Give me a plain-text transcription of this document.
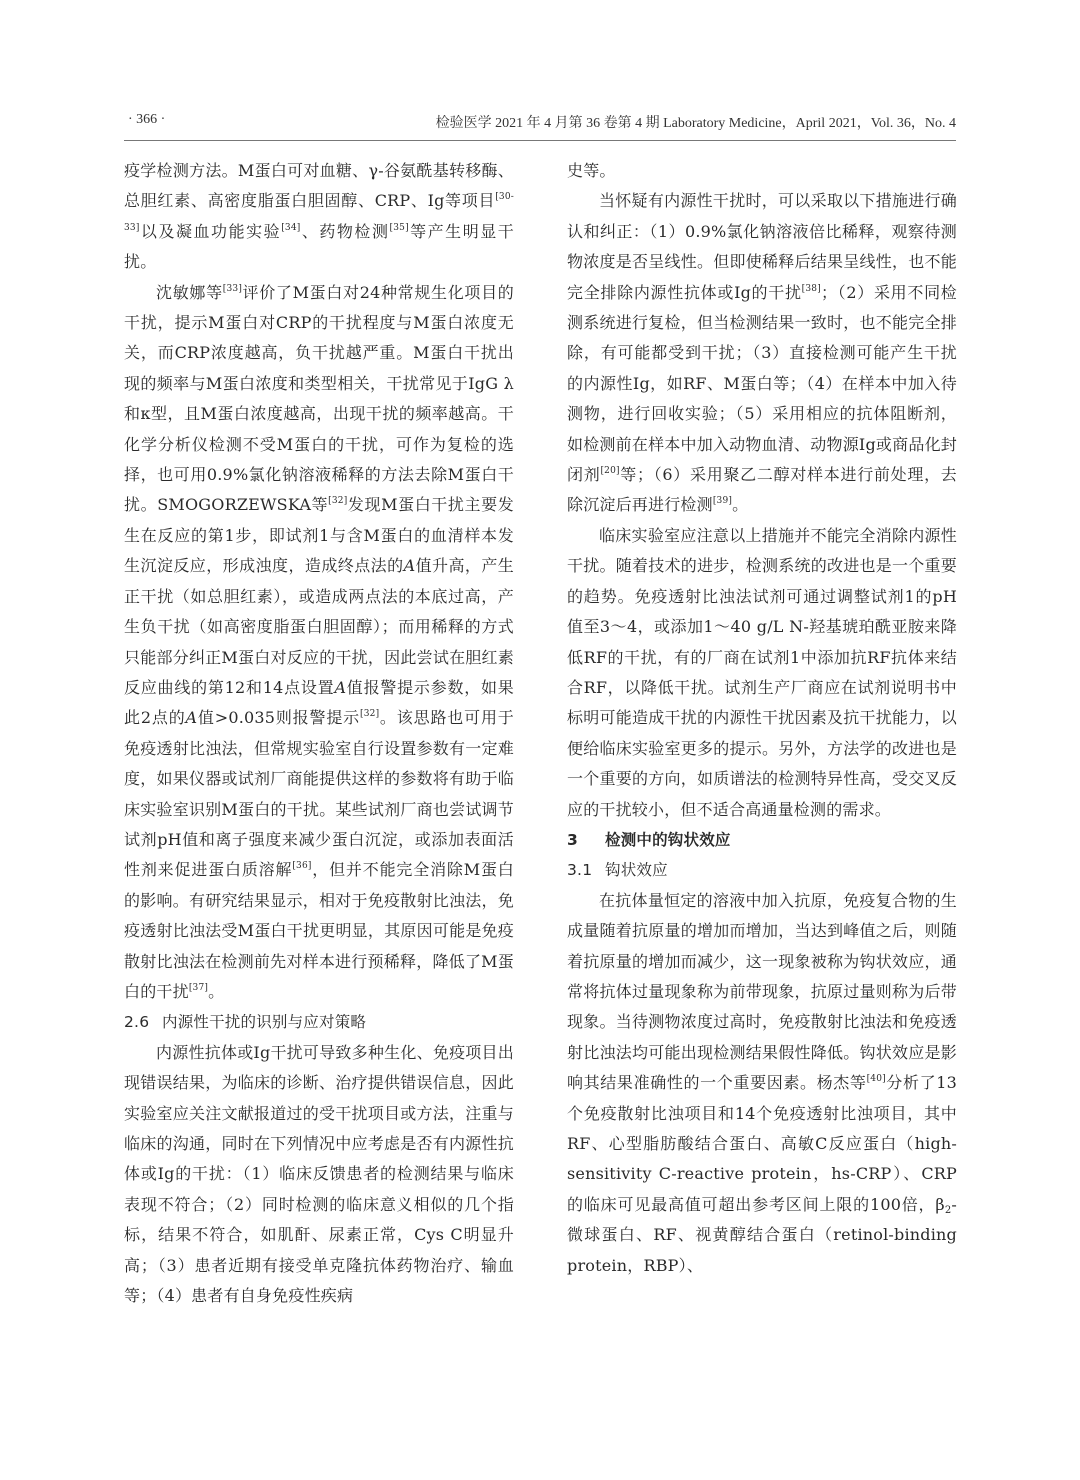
· 366 ·	检验医学 2021 年 4 月第 36 卷第 4 期 Laboratory Medicine，April 2021，Vol. 36，No. 4

疫学检测方法。M蛋白可对血糖、γ-谷氨酰基转移酶、总胆红素、高密度脂蛋白胆固醇、CRP、Ig等项目[30-33]以及凝血功能实验[34]、药物检测[35]等产生明显干扰。

沈敏娜等[33]评价了M蛋白对24种常规生化项目的干扰，提示M蛋白对CRP的干扰程度与M蛋白浓度无关，而CRP浓度越高，负干扰越严重。M蛋白干扰出现的频率与M蛋白浓度和类型相关，干扰常见于IgG λ和κ型，且M蛋白浓度越高，出现干扰的频率越高。干化学分析仪检测不受M蛋白的干扰，可作为复检的选择，也可用0.9%氯化钠溶液稀释的方法去除M蛋白干扰。SMOGORZEWSKA等[32]发现M蛋白干扰主要发生在反应的第1步，即试剂1与含M蛋白的血清样本发生沉淀反应，形成浊度，造成终点法的A值升高，产生正干扰（如总胆红素），或造成两点法的本底过高，产生负干扰（如高密度脂蛋白胆固醇）；而用稀释的方式只能部分纠正M蛋白对反应的干扰，因此尝试在胆红素反应曲线的第12和14点设置A值报警提示参数，如果此2点的A值>0.035则报警提示[32]。该思路也可用于免疫透射比浊法，但常规实验室自行设置参数有一定难度，如果仪器或试剂厂商能提供这样的参数将有助于临床实验室识别M蛋白的干扰。某些试剂厂商也尝试调节试剂pH值和离子强度来减少蛋白沉淀，或添加表面活性剂来促进蛋白质溶解[36]，但并不能完全消除M蛋白的影响。有研究结果显示，相对于免疫散射比浊法，免疫透射比浊法受M蛋白干扰更明显，其原因可能是免疫散射比浊法在检测前先对样本进行预稀释，降低了M蛋白的干扰[37]。

2.6 内源性干扰的识别与应对策略

内源性抗体或Ig干扰可导致多种生化、免疫项目出现错误结果，为临床的诊断、治疗提供错误信息，因此实验室应关注文献报道过的受干扰项目或方法，注重与临床的沟通，同时在下列情况中应考虑是否有内源性抗体或Ig的干扰：（1）临床反馈患者的检测结果与临床表现不符合；（2）同时检测的临床意义相似的几个指标，结果不符合，如肌酐、尿素正常，Cys C明显升高；（3）患者近期有接受单克隆抗体药物治疗、输血等；（4）患者有自身免疫性疾病

史等。

当怀疑有内源性干扰时，可以采取以下措施进行确认和纠正：（1）0.9%氯化钠溶液倍比稀释，观察待测物浓度是否呈线性。但即使稀释后结果呈线性，也不能完全排除内源性抗体或Ig的干扰[38]；（2）采用不同检测系统进行复检，但当检测结果一致时，也不能完全排除，有可能都受到干扰；（3）直接检测可能产生干扰的内源性Ig，如RF、M蛋白等；（4）在样本中加入待测物，进行回收实验；（5）采用相应的抗体阻断剂，如检测前在样本中加入动物血清、动物源Ig或商品化封闭剂[20]等；（6）采用聚乙二醇对样本进行前处理，去除沉淀后再进行检测[39]。

临床实验室应注意以上措施并不能完全消除内源性干扰。随着技术的进步，检测系统的改进也是一个重要的趋势。免疫透射比浊法试剂可通过调整试剂1的pH值至3～4，或添加1～40 g/L N-羟基琥珀酰亚胺来降低RF的干扰，有的厂商在试剂1中添加抗RF抗体来结合RF，以降低干扰。试剂生产厂商应在试剂说明书中标明可能造成干扰的内源性干扰因素及抗干扰能力，以便给临床实验室更多的提示。另外，方法学的改进也是一个重要的方向，如质谱法的检测特异性高，受交叉反应的干扰较小，但不适合高通量检测的需求。

3 检测中的钩状效应
3.1 钩状效应

在抗体量恒定的溶液中加入抗原，免疫复合物的生成量随着抗原量的增加而增加，当达到峰值之后，则随着抗原量的增加而减少，这一现象被称为钩状效应，通常将抗体过量现象称为前带现象，抗原过量则称为后带现象。当待测物浓度过高时，免疫散射比浊法和免疫透射比浊法均可能出现检测结果假性降低。钩状效应是影响其结果准确性的一个重要因素。杨杰等[40]分析了13个免疫散射比浊项目和14个免疫透射比浊项目，其中RF、心型脂肪酸结合蛋白、高敏C反应蛋白（high-sensitivity C-reactive protein，hs-CRP）、CRP的临床可见最高值可超出参考区间上限的100倍，$\beta_2-$微球蛋白、RF、视黄醇结合蛋白（retinol-binding protein，RBP）、
